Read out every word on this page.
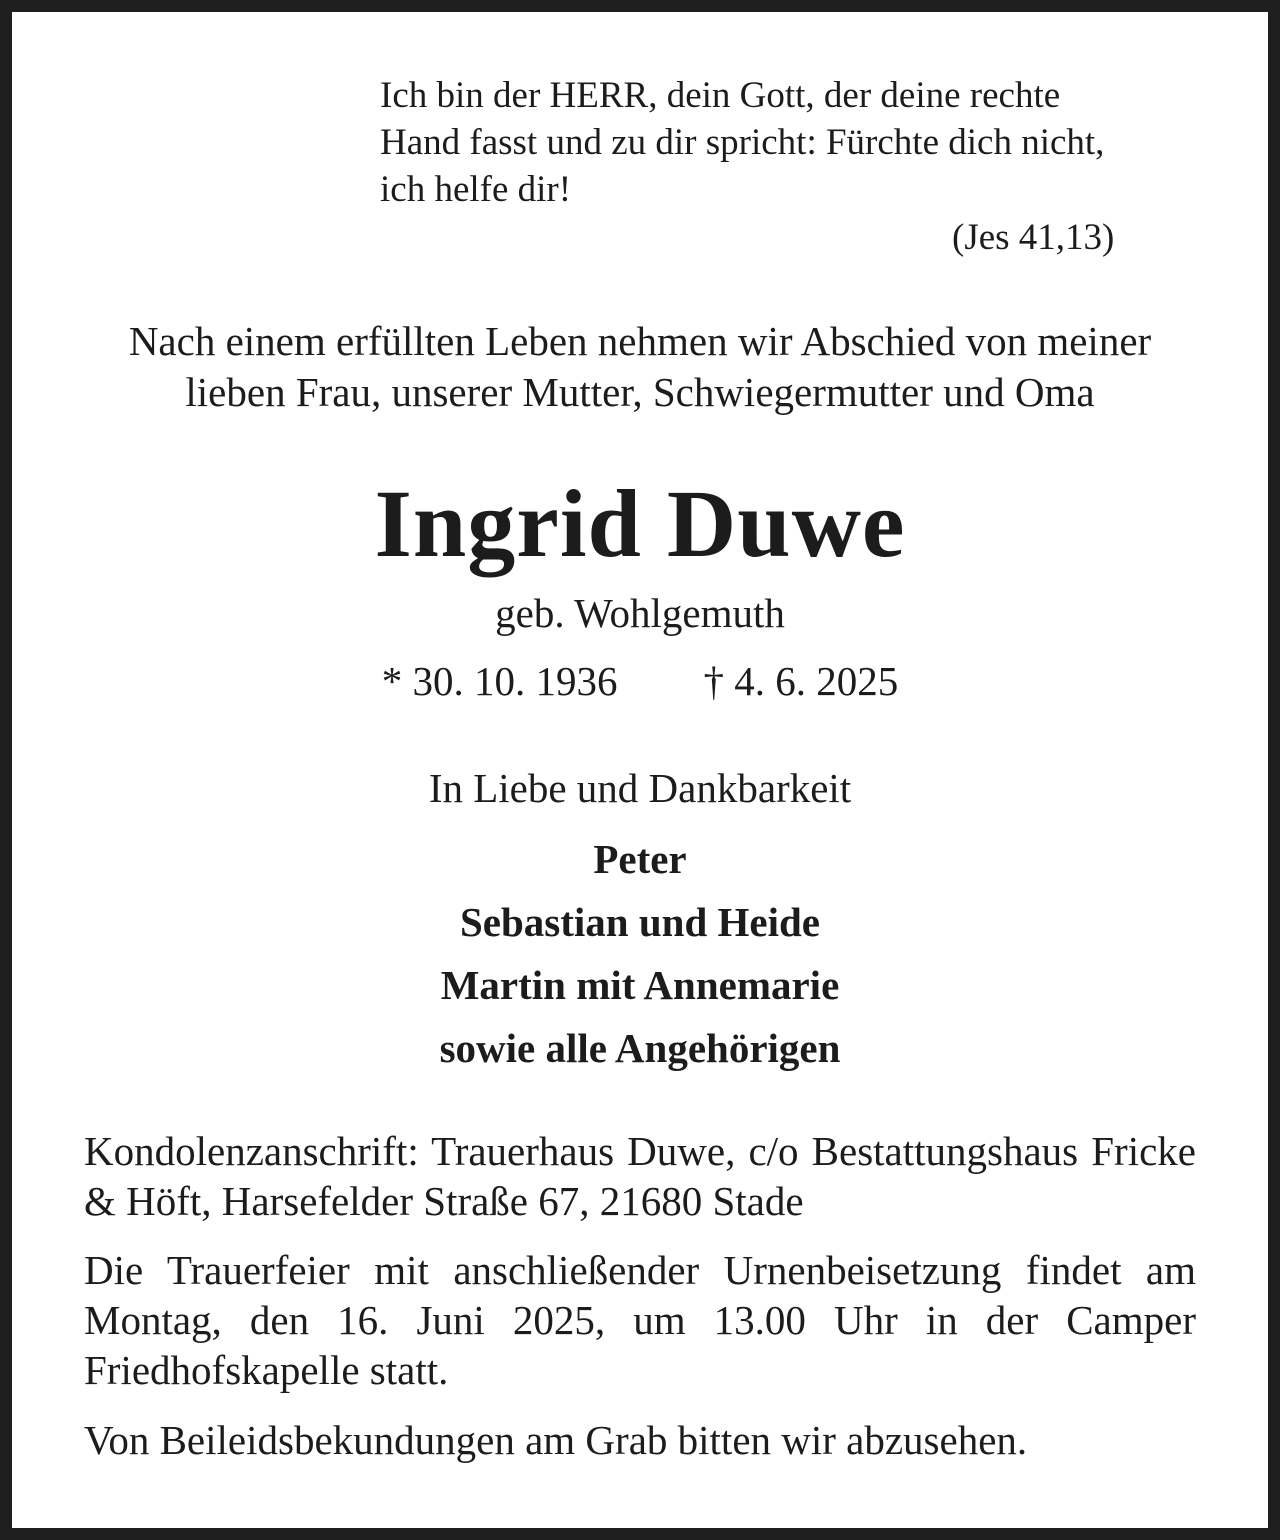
Ich bin der HERR, dein Gott, der deine rechte
Hand fasst und zu dir spricht: Fürchte dich nicht,
ich helfe dir!
(Jes 41,13)
Nach einem erfüllten Leben nehmen wir Abschied von meiner
lieben Frau, unserer Mutter, Schwiegermutter und Oma
Ingrid Duwe
geb. Wohlgemuth
* 30. 10. 1936 † 4. 6. 2025
In Liebe und Dankbarkeit
Peter
Sebastian und Heide
Martin mit Annemarie
sowie alle Angehörigen
Kondolenzanschrift: Trauerhaus Duwe, c/o Bestattungshaus Fricke & Höft, Harsefelder Straße 67, 21680 Stade
Die Trauerfeier mit anschließender Urnenbeisetzung findet am Montag, den 16. Juni 2025, um 13.00 Uhr in der Camper Friedhofskapelle statt.
Von Beileidsbekundungen am Grab bitten wir abzusehen.
